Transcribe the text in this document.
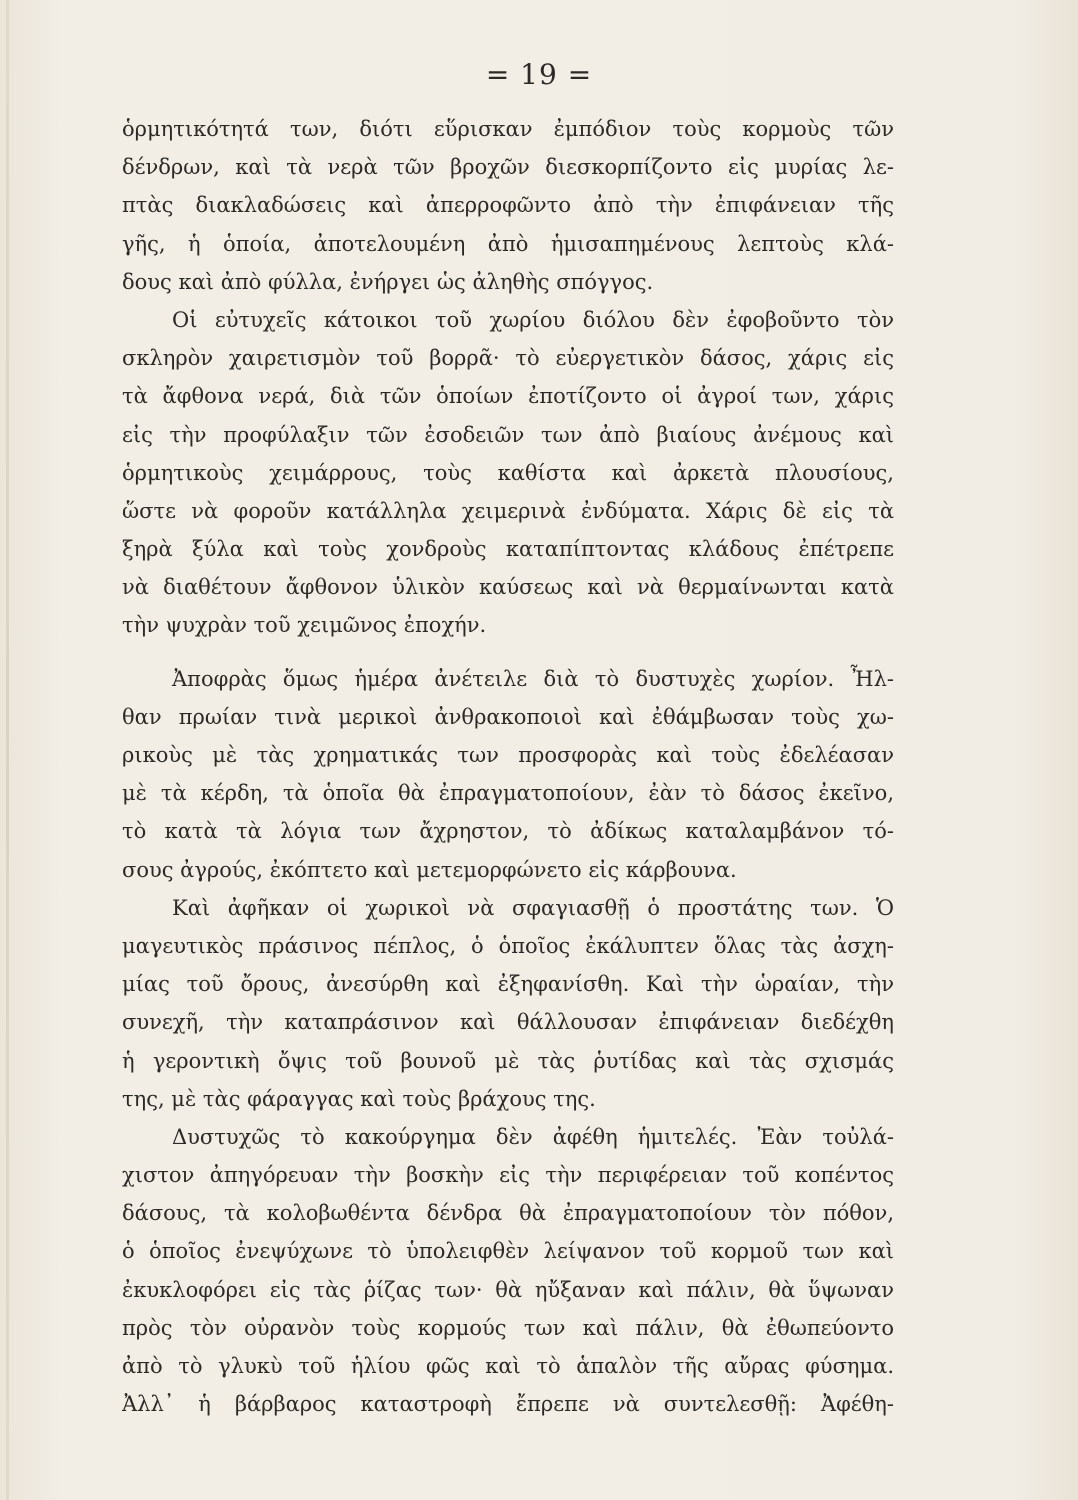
= 19 =
ὁρμητικότητά των, διότι εὕρισκαν ἐμπόδιον τοὺς κορμοὺς τῶν
δένδρων, καὶ τὰ νερὰ τῶν βροχῶν διεσκορπίζοντο εἰς μυρίας λε-
πτὰς διακλαδώσεις καὶ ἀπερροφῶντο ἀπὸ τὴν ἐπιφάνειαν τῆς
γῆς, ἡ ὁποία, ἀποτελουμένη ἀπὸ ἡμισαπημένους λεπτοὺς κλά-
δους καὶ ἀπὸ φύλλα, ἐνήργει ὡς ἀληθὴς σπόγγος.
Οἱ εὐτυχεῖς κάτοικοι τοῦ χωρίου διόλου δὲν ἐφοβοῦντο τὸν
σκληρὸν χαιρετισμὸν τοῦ βορρᾶ· τὸ εὐεργετικὸν δάσος, χάρις εἰς
τὰ ἄφθονα νερά, διὰ τῶν ὁποίων ἐποτίζοντο οἱ ἀγροί των, χάρις
εἰς τὴν προφύλαξιν τῶν ἐσοδειῶν των ἀπὸ βιαίους ἀνέμους καὶ
ὁρμητικοὺς χειμάρρους, τοὺς καθίστα καὶ ἀρκετὰ πλουσίους,
ὥστε νὰ φοροῦν κατάλληλα χειμερινὰ ἐνδύματα. Χάρις δὲ εἰς τὰ
ξηρὰ ξύλα καὶ τοὺς χονδροὺς καταπίπτοντας κλάδους ἐπέτρεπε
νὰ διαθέτουν ἄφθονον ὑλικὸν καύσεως καὶ νὰ θερμαίνωνται κατὰ
τὴν ψυχρὰν τοῦ χειμῶνος ἐποχήν.
Ἀποφρὰς ὅμως ἡμέρα ἀνέτειλε διὰ τὸ δυστυχὲς χωρίον. Ἦλ-
θαν πρωίαν τινὰ μερικοὶ ἀνθρακοποιοὶ καὶ ἐθάμβωσαν τοὺς χω-
ρικοὺς μὲ τὰς χρηματικάς των προσφορὰς καὶ τοὺς ἐδελέασαν
μὲ τὰ κέρδη, τὰ ὁποῖα θὰ ἐπραγματοποίουν, ἐὰν τὸ δάσος ἐκεῖνο,
τὸ κατὰ τὰ λόγια των ἄχρηστον, τὸ ἀδίκως καταλαμβάνον τό-
σους ἀγρούς, ἐκόπτετο καὶ μετεμορφώνετο εἰς κάρβουνα.
Καὶ ἀφῆκαν οἱ χωρικοὶ νὰ σφαγιασθῇ ὁ προστάτης των. Ὁ
μαγευτικὸς πράσινος πέπλος, ὁ ὁποῖος ἐκάλυπτεν ὅλας τὰς ἀσχη-
μίας τοῦ ὄρους, ἀνεσύρθη καὶ ἐξηφανίσθη. Καὶ τὴν ὡραίαν, τὴν
συνεχῆ, τὴν καταπράσινον καὶ θάλλουσαν ἐπιφάνειαν διεδέχθη
ἡ γεροντικὴ ὄψις τοῦ βουνοῦ μὲ τὰς ῥυτίδας καὶ τὰς σχισμάς
της, μὲ τὰς φάραγγας καὶ τοὺς βράχους της.
Δυστυχῶς τὸ κακούργημα δὲν ἀφέθη ἡμιτελές. Ἐὰν τοὐλά-
χιστον ἀπηγόρευαν τὴν βοσκὴν εἰς τὴν περιφέρειαν τοῦ κοπέντος
δάσους, τὰ κολοβωθέντα δένδρα θὰ ἐπραγματοποίουν τὸν πόθον,
ὁ ὁποῖος ἐνεψύχωνε τὸ ὑπολειφθὲν λείψανον τοῦ κορμοῦ των καὶ
ἐκυκλοφόρει εἰς τὰς ῥίζας των· θὰ ηὔξαναν καὶ πάλιν, θὰ ὕψωναν
πρὸς τὸν οὐρανὸν τοὺς κορμούς των καὶ πάλιν, θὰ ἐθωπεύοντο
ἀπὸ τὸ γλυκὺ τοῦ ἡλίου φῶς καὶ τὸ ἁπαλὸν τῆς αὔρας φύσημα.
Ἀλλ᾽ ἡ βάρβαρος καταστροφὴ ἔπρεπε νὰ συντελεσθῇ: Ἀφέθη-
